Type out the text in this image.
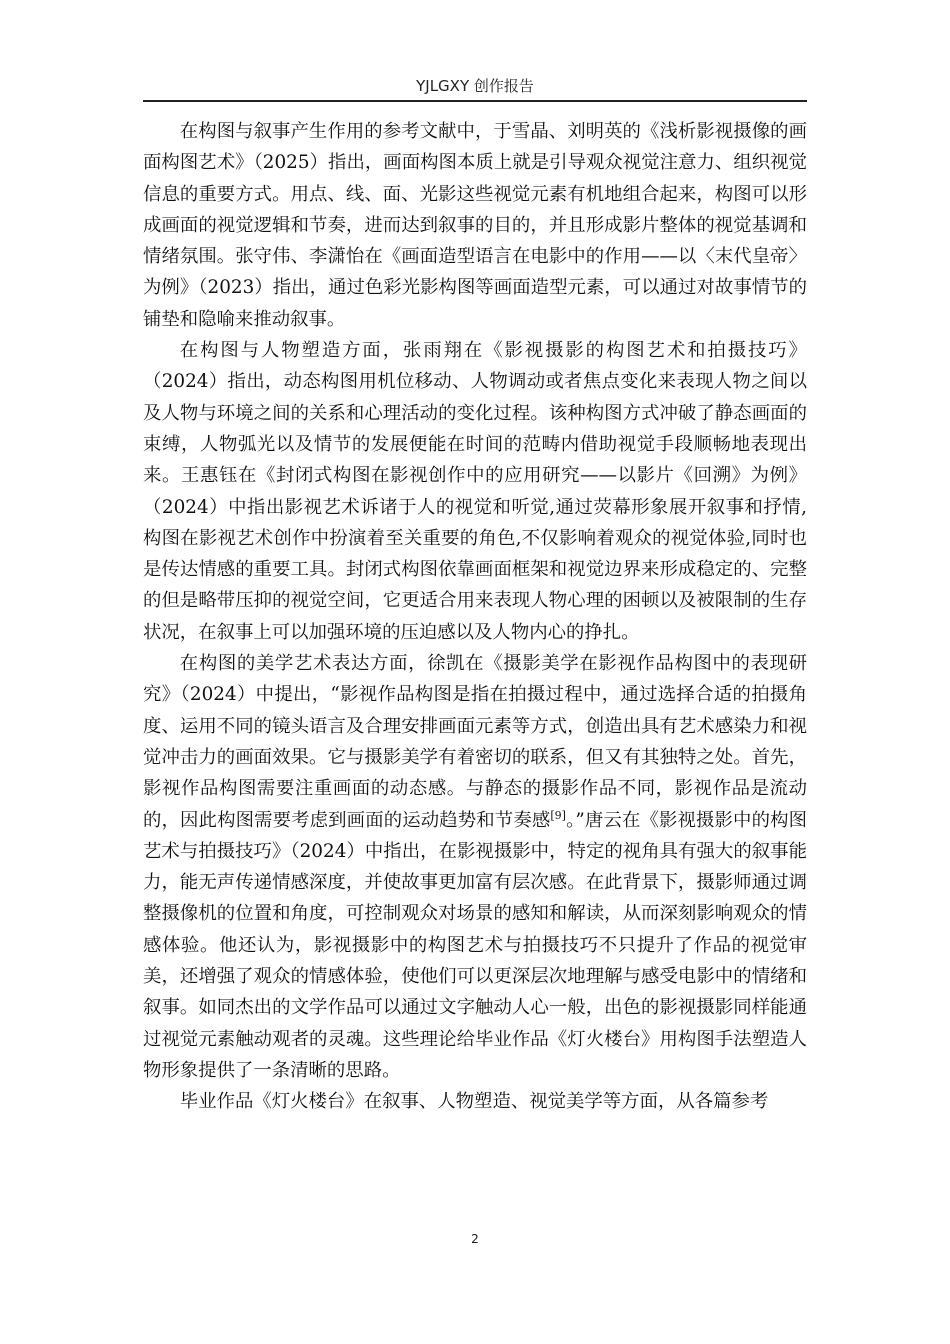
YJLGXY 创作报告

在构图与叙事产生作用的参考文献中，于雪晶、刘明英的《浅析影视摄像的画面构图艺术》（2025）指出，画面构图本质上就是引导观众视觉注意力、组织视觉信息的重要方式。用点、线、面、光影这些视觉元素有机地组合起来，构图可以形成画面的视觉逻辑和节奏，进而达到叙事的目的，并且形成影片整体的视觉基调和情绪氛围。张守伟、李潇怡在《画面造型语言在电影中的作用——以〈末代皇帝〉为例》（2023）指出，通过色彩光影构图等画面造型元素，可以通过对故事情节的铺垫和隐喻来推动叙事。

在构图与人物塑造方面，张雨翔在《影视摄影的构图艺术和拍摄技巧》（2024）指出，动态构图用机位移动、人物调动或者焦点变化来表现人物之间以及人物与环境之间的关系和心理活动的变化过程。该种构图方式冲破了静态画面的束缚，人物弧光以及情节的发展便能在时间的范畴内借助视觉手段顺畅地表现出来。王惠钰在《封闭式构图在影视创作中的应用研究——以影片《回溯》为例》（2024）中指出影视艺术诉诸于人的视觉和听觉,通过荧幕形象展开叙事和抒情,构图在影视艺术创作中扮演着至关重要的角色,不仅影响着观众的视觉体验,同时也是传达情感的重要工具。封闭式构图依靠画面框架和视觉边界来形成稳定的、完整的但是略带压抑的视觉空间，它更适合用来表现人物心理的困顿以及被限制的生存状况，在叙事上可以加强环境的压迫感以及人物内心的挣扎。

在构图的美学艺术表达方面，徐凯在《摄影美学在影视作品构图中的表现研究》（2024）中提出，“影视作品构图是指在拍摄过程中，通过选择合适的拍摄角度、运用不同的镜头语言及合理安排画面元素等方式，创造出具有艺术感染力和视觉冲击力的画面效果。它与摄影美学有着密切的联系，但又有其独特之处。首先，影视作品构图需要注重画面的动态感。与静态的摄影作品不同，影视作品是流动的，因此构图需要考虑到画面的运动趋势和节奏感[9]。”唐云在《影视摄影中的构图艺术与拍摄技巧》（2024）中指出，在影视摄影中，特定的视角具有强大的叙事能力，能无声传递情感深度，并使故事更加富有层次感。在此背景下，摄影师通过调整摄像机的位置和角度，可控制观众对场景的感知和解读，从而深刻影响观众的情感体验。他还认为，影视摄影中的构图艺术与拍摄技巧不只提升了作品的视觉审美，还增强了观众的情感体验，使他们可以更深层次地理解与感受电影中的情绪和叙事。如同杰出的文学作品可以通过文字触动人心一般，出色的影视摄影同样能通过视觉元素触动观者的灵魂。这些理论给毕业作品《灯火楼台》用构图手法塑造人物形象提供了一条清晰的思路。

毕业作品《灯火楼台》在叙事、人物塑造、视觉美学等方面，从各篇参考

2
